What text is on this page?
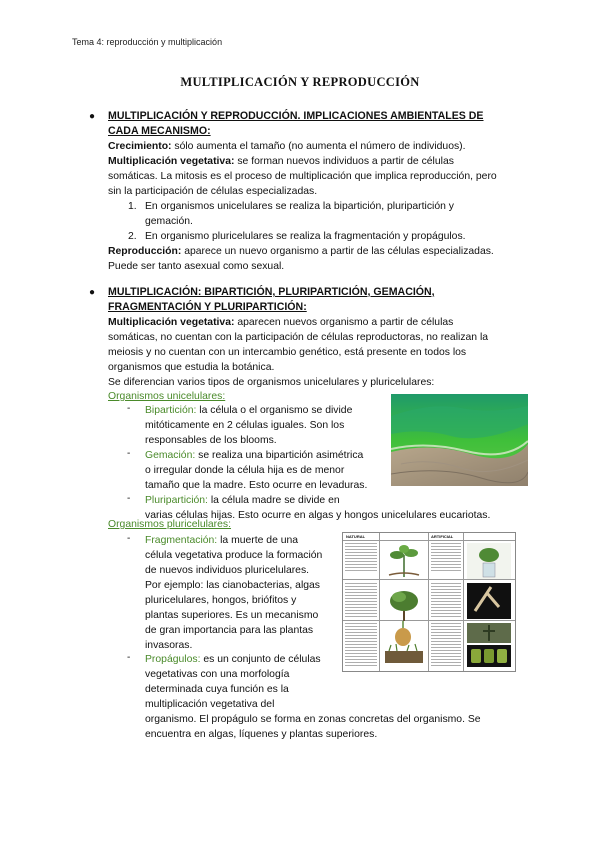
Tema 4: reproducción y multiplicación
MULTIPLICACIÓN Y REPRODUCCIÓN
● MULTIPLICACIÓN Y REPRODUCCIÓN. IMPLICACIONES AMBIENTALES DE
CADA MECANISMO:
Crecimiento: sólo aumenta el tamaño (no aumenta el número de individuos).
Multiplicación vegetativa: se forman nuevos individuos a partir de células
somáticas. La mitosis es el proceso de multiplicación que implica reproducción, pero
sin la participación de células especializadas.
1. En organismos unicelulares se realiza la bipartición, pluripartición y
gemación.
2. En organismo pluricelulares se realiza la fragmentación y propágulos.
Reproducción: aparece un nuevo organismo a partir de las células especializadas.
Puede ser tanto asexual como sexual.
● MULTIPLICACIÓN: BIPARTICIÓN, PLURIPARTICIÓN, GEMACIÓN,
FRAGMENTACIÓN Y PLURIPARTICIÓN:
Multiplicación vegetativa: aparecen nuevos organismo a partir de células
somáticas, no cuentan con la participación de células reproductoras, no realizan la
meiosis y no cuentan con un intercambio genético, está presente en todos los
organismos que estudia la botánica.
Se diferencian varios tipos de organismos unicelulares y pluricelulares:
Organismos unicelulares:
- Bipartición: la célula o el organismo se divide
mitóticamente en 2 células iguales. Son los
responsables de los blooms.
- Gemación: se realiza una bipartición asimétrica
o irregular donde la célula hija es de menor
tamaño que la madre. Esto ocurre en levaduras.
- Pluripartición: la célula madre se divide en
varias células hijas. Esto ocurre en algas y hongos unicelulares eucariotas.
Organismos pluricelulares:
- Fragmentación: la muerte de una
célula vegetativa produce la formación
de nuevos individuos pluricelulares.
Por ejemplo: las cianobacterias, algas
pluricelulares, hongos, briófitos y
plantas superiores. Es un mecanismo
de gran importancia para las plantas
invasoras.
- Propágulos: es un conjunto de células
vegetativas con una morfología
determinada cuya función es la
multiplicación vegetativa del
organismo. El propágulo se forma en zonas concretas del organismo. Se
encuentra en algas, líquenes y plantas superiores.
NATURAL	ARTIFICIAL
